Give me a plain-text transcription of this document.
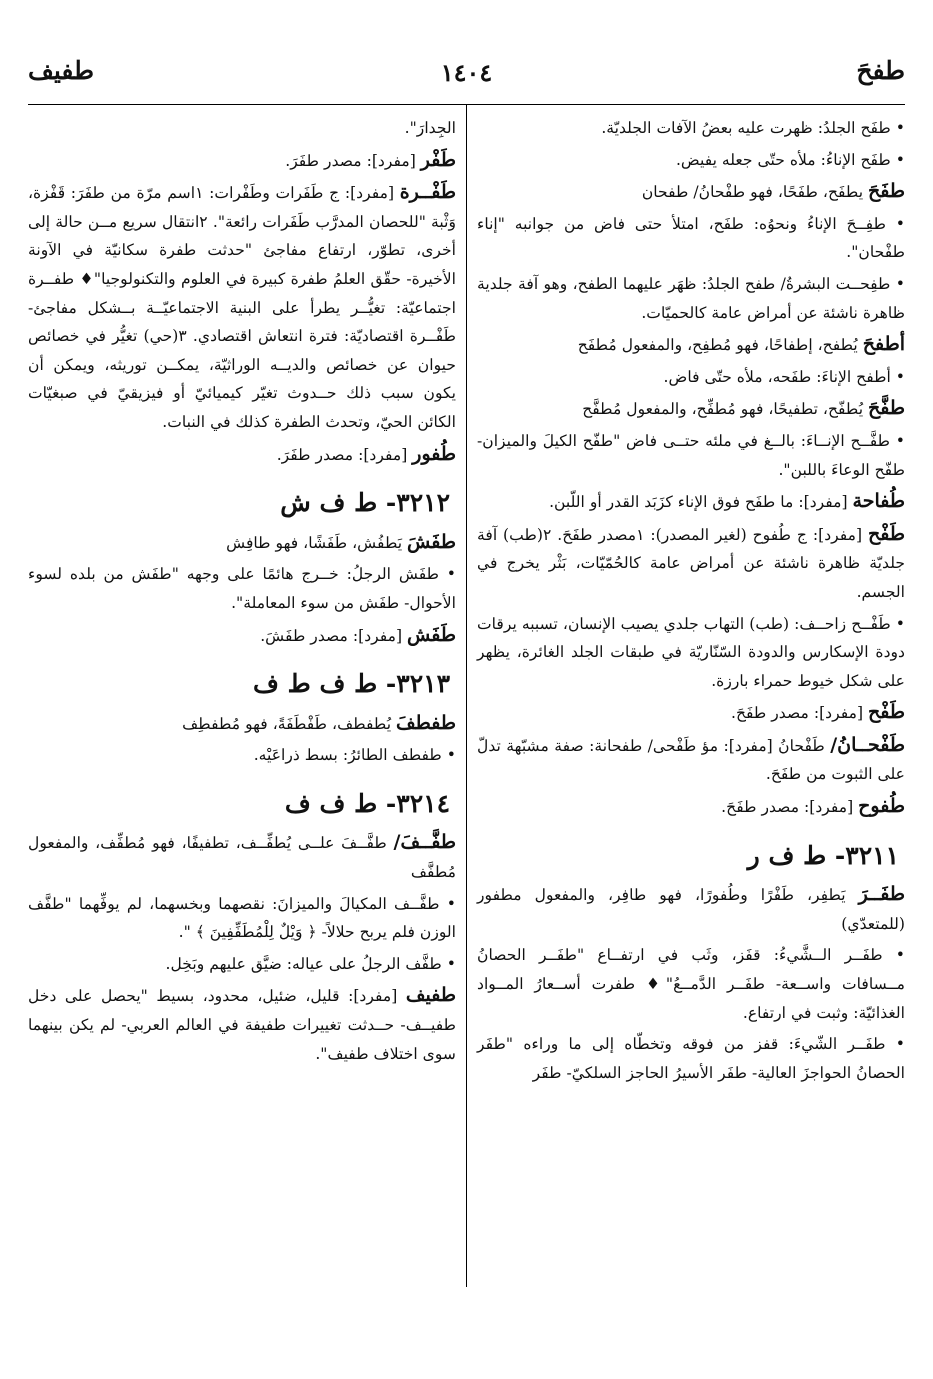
طفحَ
١٤٠٤
طفيف

• طفَح الجلدُ: ظهرت عليه بعضُ الآفات الجلديّة.

• طفَح الإناءُ: ملأه حتّى جعله يفيض.

طفَحَ يطفَح، طفَحًا، فهو طفْحانُ/ طفحان

• طفِــحَ الإناءُ ونحوُه: طفَح، امتلأ حتى فاض من جوانبه "إناء طفْحان".

• طفِحــت البشرةُ/ طفح الجلدُ: ظهَر عليهما الطفح، وهو آفة جلدية ظاهرة ناشئة عن أمراض عامة كالحميّات.

أطفحَ يُطفح، إطفاحًا، فهو مُطفِح، والمفعول مُطفَح

• أطفح الإناءَ: طفَحه، ملأه حتّى فاض.

طفَّحَ يُطفّح، تطفيحًا، فهو مُطفِّح، والمفعول مُطفَّح

• طفَّــح الإنــاءَ: بالــغ في ملئه حتــى فاض "طفّح الكيلَ والميزان- طفّح الوعاءَ باللبن".

طُفاحة [مفرد]: ما طفَح فوق الإناء كزَبَد القدر أو اللّبن.

طَفْح [مفرد]: ج طُفوح (لغير المصدر): ١مصدر طفَحَ. ٢(طب) آفة جلديّة ظاهرة ناشئة عن أمراض عامة كالحُمّيّات، بَثْر يخرج في الجسم.

• طَفْــح زاحــف: (طب) التهاب جلدي يصيب الإنسان، تسببه يرقات دودة الإسكارس والدودة السّنّاريّة في طبقات الجلد الغائرة، يظهر على شكل خيوط حمراء بارزة.

طَفْح [مفرد]: مصدر طفَحَ.

طَفْحــانُ/ طَفْحانُ [مفرد]: مؤ طَفْحى/ طفحانة: صفة مشبّهة تدلّ على الثبوت من طفَحَ.

طُفوح [مفرد]: مصدر طفَحَ.

٣٢١١- ط ف ر

طفَــرَ يَطفِر، طَفْرًا وطُفورًا، فهو طافِر، والمفعول مطفور (للمتعدّي)

• طفَــر الــشَّيءُ: قفَز، وثَب في ارتفــاع "طفَــر الحصانُ مــسافات واســعة- طفَــر الدَّمــعُ"♦ طفرت أســعارُ المــواد الغذائيّة: وثبت في ارتفاع.

• طفَــر الشّيءَ: قفز من فوقه وتخطّاه إلى ما وراءه "طفَر الحصانُ الحواجزَ العالية- طفَر الأسيرُ الحاجز السلكيّ- طفَر

الجِدارَ".

طَفْر [مفرد]: مصدر طفَرَ.

طَفْــرة [مفرد]: ج طَفَرات وطَفْرات: ١اسم مرّة من طفَرَ: قَفْزة، وَثْبة "للحصان المدرَّب طَفَرات رائعة". ٢انتقال سريع مــن حالة إلى أخرى، تطوّر، ارتفاع مفاجئ "حدثت طفرة سكانيّة في الآونة الأخيرة- حقّق العلمُ طفرة كبيرة في العلوم والتكنولوجيا"♦ طفــرة اجتماعيّة: تغيُّــر يطرأ على البنية الاجتماعيّــة بــشكل مفاجئ- طَفْــرة اقتصاديّة: فترة انتعاش اقتصادي. ٣(حي) تغيُّر في خصائص حيوان عن خصائص والديــه الوراثيّة، يمكــن توريثه، ويمكن أن يكون سبب ذلك حــدوث تغيّر كيميائيّ أو فيزيقيّ في صبغيّات الكائن الحيّ، وتحدث الطفرة كذلك في النبات.

طُفور [مفرد]: مصدر طفَرَ.

٣٢١٢- ط ف ش

طفَشَ يَطفُش، طَفَشًا، فهو طافِش

• طفَش الرجلُ: خــرج هائمًا على وجهه "طفَش من بلده لسوء الأحوال- طفَش من سوء المعاملة".

طَفَش [مفرد]: مصدر طفَشَ.

٣٢١٣- ط ف ط ف

طفطفَ يُطفطف، طَفْطَفَةً، فهو مُطفطِف

• طفطف الطائرُ: بسط ذراعَيْه.

٣٢١٤- ط ف ف

طفَّــفَ/ طفَّــفَ علــى يُطفِّــف، تطفيفًا، فهو مُطفِّف، والمفعول مُطفَّف

• طفَّــف المكيالَ والميزانَ: نقصهما وبخسهما، لم يوفِّهما "طفَّف الوزن فلم يربح حلالاً- ﴿ وَيْلٌ لِلْمُطَفِّفِينَ ﴾ ".

• طفَّف الرجلُ على عياله: ضيَّق عليهم وبَخِل.

طفيف [مفرد]: قليل، ضئيل، محدود، بسيط "يحصل على دخل طفيــف- حــدثت تغييرات طفيفة في العالم العربي- لم يكن بينهما سوى اختلاف طفيف".
